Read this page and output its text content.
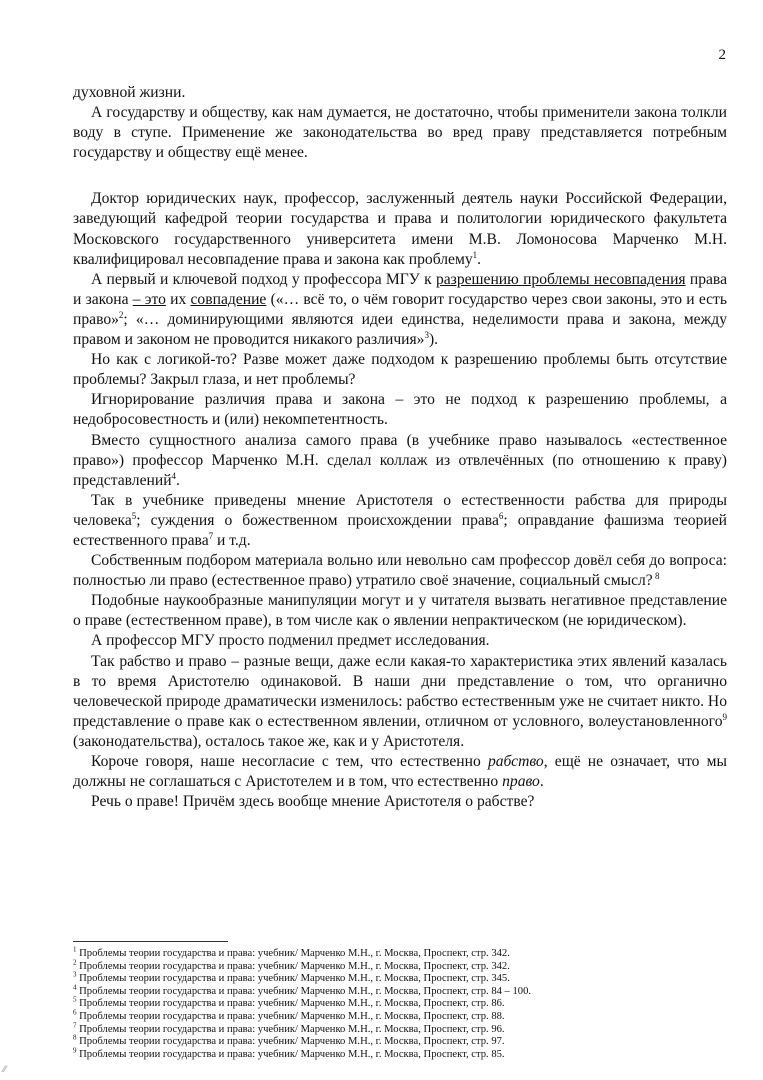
2

духовной жизни.

А государству и обществу, как нам думается, не достаточно, чтобы применители закона толкли воду в ступе. Применение же законодательства во вред праву представляется потребным государству и обществу ещё менее.

Доктор юридических наук, профессор, заслуженный деятель науки Российской Федерации, заведующий кафедрой теории государства и права и политологии юридического факультета Московского государственного университета имени М.В. Ломоносова Марченко М.Н. квалифицировал несовпадение права и закона как проблему$^1$.

А первый и ключевой подход у профессора МГУ к разрешению проблемы несовпадения права и закона – это их совпадение («… всё то, о чём говорит государство через свои законы, это и есть право»$^2$; «… доминирующими являются идеи единства, неделимости права и закона, между правом и законом не проводится никакого различия»$^3$).

Но как с логикой-то? Разве может даже подходом к разрешению проблемы быть отсутствие проблемы? Закрыл глаза, и нет проблемы?

Игнорирование различия права и закона – это не подход к разрешению проблемы, а недобросовестность и (или) некомпетентность.

Вместо сущностного анализа самого права (в учебнике право называлось «естественное право») профессор Марченко М.Н. сделал коллаж из отвлечённых (по отношению к праву) представлений$^4$.

Так в учебнике приведены мнение Аристотеля о естественности рабства для природы человека$^5$; суждения о божественном происхождении права$^6$; оправдание фашизма теорией естественного права$^7$ и т.д.

Собственным подбором материала вольно или невольно сам профессор довёл себя до вопроса: полностью ли право (естественное право) утратило своё значение, социальный смысл? $^8$

Подобные наукообразные манипуляции могут и у читателя вызвать негативное представление о праве (естественном праве), в том числе как о явлении непрактическом (не юридическом).

А профессор МГУ просто подменил предмет исследования.

Так рабство и право – разные вещи, даже если какая-то характеристика этих явлений казалась в то время Аристотелю одинаковой. В наши дни представление о том, что органично человеческой природе драматически изменилось: рабство естественным уже не считает никто. Но представление о праве как о естественном явлении, отличном от условного, волеустановленного$^9$ (законодательства), осталось такое же, как и у Аристотеля.

Короче говоря, наше несогласие с тем, что естественно рабство, ещё не означает, что мы должны не соглашаться с Аристотелем и в том, что естественно право.

Речь о праве! Причём здесь вообще мнение Аристотеля о рабстве?

$^1$ Проблемы теории государства и права: учебник/ Марченко М.Н., г. Москва, Проспект, стр. 342.
$^2$ Проблемы теории государства и права: учебник/ Марченко М.Н., г. Москва, Проспект, стр. 342.
$^3$ Проблемы теории государства и права: учебник/ Марченко М.Н., г. Москва, Проспект, стр. 345.
$^4$ Проблемы теории государства и права: учебник/ Марченко М.Н., г. Москва, Проспект, стр. 84 – 100.
$^5$ Проблемы теории государства и права: учебник/ Марченко М.Н., г. Москва, Проспект, стр. 86.
$^6$ Проблемы теории государства и права: учебник/ Марченко М.Н., г. Москва, Проспект, стр. 88.
$^7$ Проблемы теории государства и права: учебник/ Марченко М.Н., г. Москва, Проспект, стр. 96.
$^8$ Проблемы теории государства и права: учебник/ Марченко М.Н., г. Москва, Проспект, стр. 97.
$^9$ Проблемы теории государства и права: учебник/ Марченко М.Н., г. Москва, Проспект, стр. 85.
⁄⁄
